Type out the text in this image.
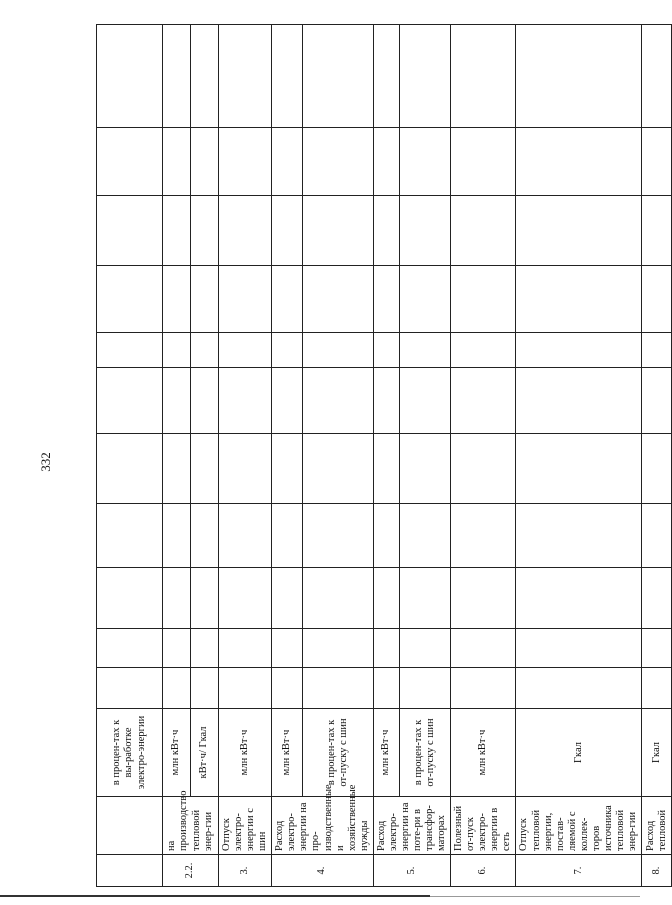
332
		в процен-тах к вы-работке электро-энергии											
2.2.	на производство тепловой энер-гии	млн кВт·ч											
		кВт·ч/ Гкал											
3.	Отпуск электро-энергии с шин	млн кВт·ч											
4.	Расход электро-энергии на про-изводственные и хозяйственные нужды	млн кВт·ч											
		в процен-тах к от-пуску с шин											
5.	Расход электро-энергии на поте-ри в трансфор-маторах	млн кВт·ч											
		в процен-тах к от-пуску с шин											
6.	Полезный от-пуск электро-энергии в сеть	млн кВт·ч											
7.	Отпуск тепловой энергии, постав-ляемой с коллек-торов источника тепловой энер-гии	Гкал											
8.	Расход тепловой	Гкал											
